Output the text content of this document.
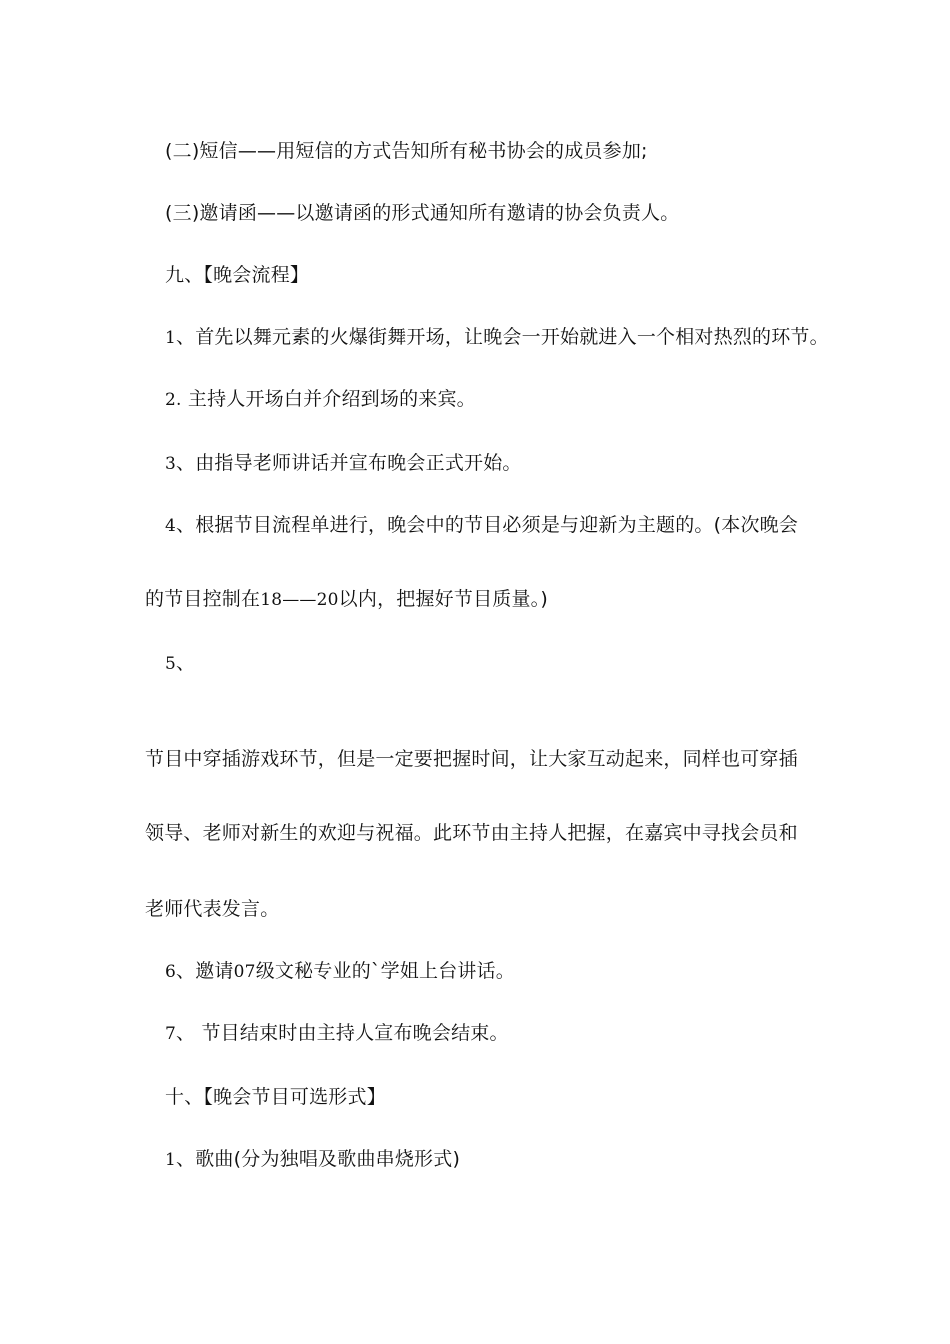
(二)短信——用短信的方式告知所有秘书协会的成员参加;
(三)邀请函——以邀请函的形式通知所有邀请的协会负责人。
九、【晚会流程】
1、首先以舞元素的火爆街舞开场，让晚会一开始就进入一个相对热烈的环节。
2. 主持人开场白并介绍到场的来宾。
3、由指导老师讲话并宣布晚会正式开始。
4、根据节目流程单进行，晚会中的节目必须是与迎新为主题的。(本次晚会
的节目控制在18——20以内，把握好节目质量。)
5、
节目中穿插游戏环节，但是一定要把握时间，让大家互动起来，同样也可穿插
领导、老师对新生的欢迎与祝福。此环节由主持人把握，在嘉宾中寻找会员和
老师代表发言。
6、邀请07级文秘专业的`学姐上台讲话。
7、 节目结束时由主持人宣布晚会结束。
十、【晚会节目可选形式】
1、歌曲(分为独唱及歌曲串烧形式)
